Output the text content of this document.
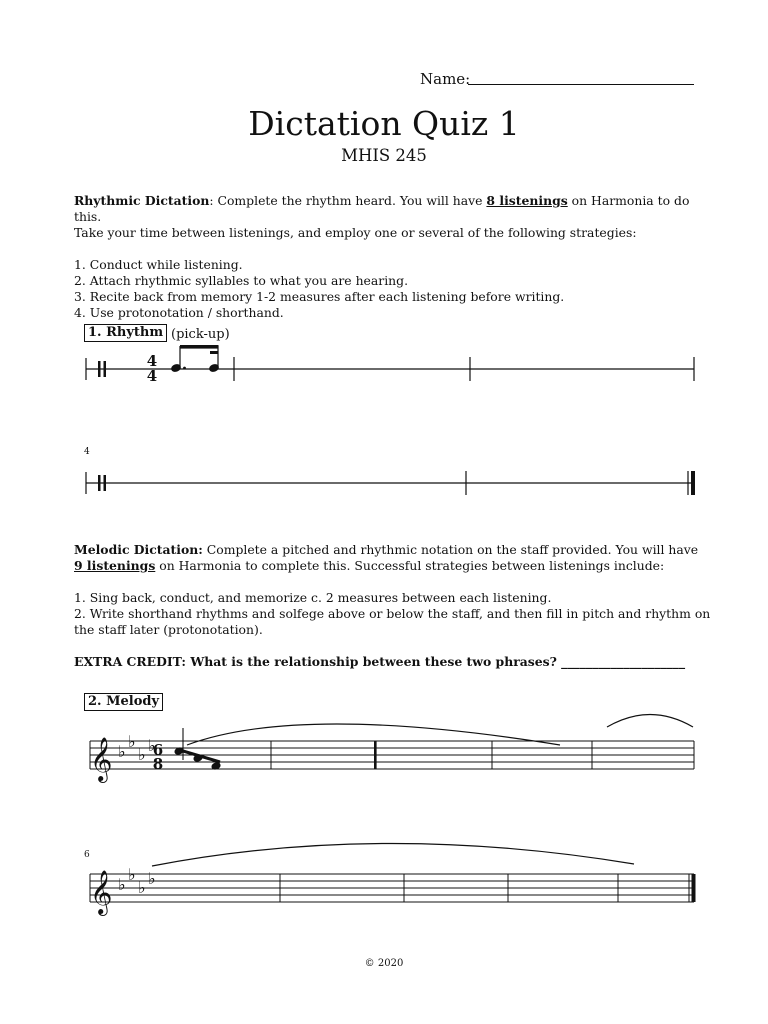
Name:
Dictation Quiz 1
MHIS 245
Rhythmic Dictation: Complete the rhythm heard. You will have 8 listenings on Harmonia to do this.
Take your time between listenings, and employ one or several of the following strategies:
1. Conduct while listening.
2. Attach rhythmic syllables to what you are hearing.
3. Recite back from memory 1-2 measures after each listening before writing.
4. Use protonotation / shorthand.
1. Rhythm (pick-up)
4
Melodic Dictation: Complete a pitched and rhythmic notation on the staff provided. You will have
9 listenings on Harmonia to complete this. Successful strategies between listenings include:
1. Sing back, conduct, and memorize c. 2 measures between each listening.
2. Write shorthand rhythms and solfege above or below the staff, and then fill in pitch and rhythm on
the staff later (protonotation).
EXTRA CREDIT: What is the relationship between these two phrases? ____________________
2. Melody
6
© 2020
4
4
𝄞 ♭
♭
♭ ♭
6
8
𝄞 ♭
♭
♭ ♭
